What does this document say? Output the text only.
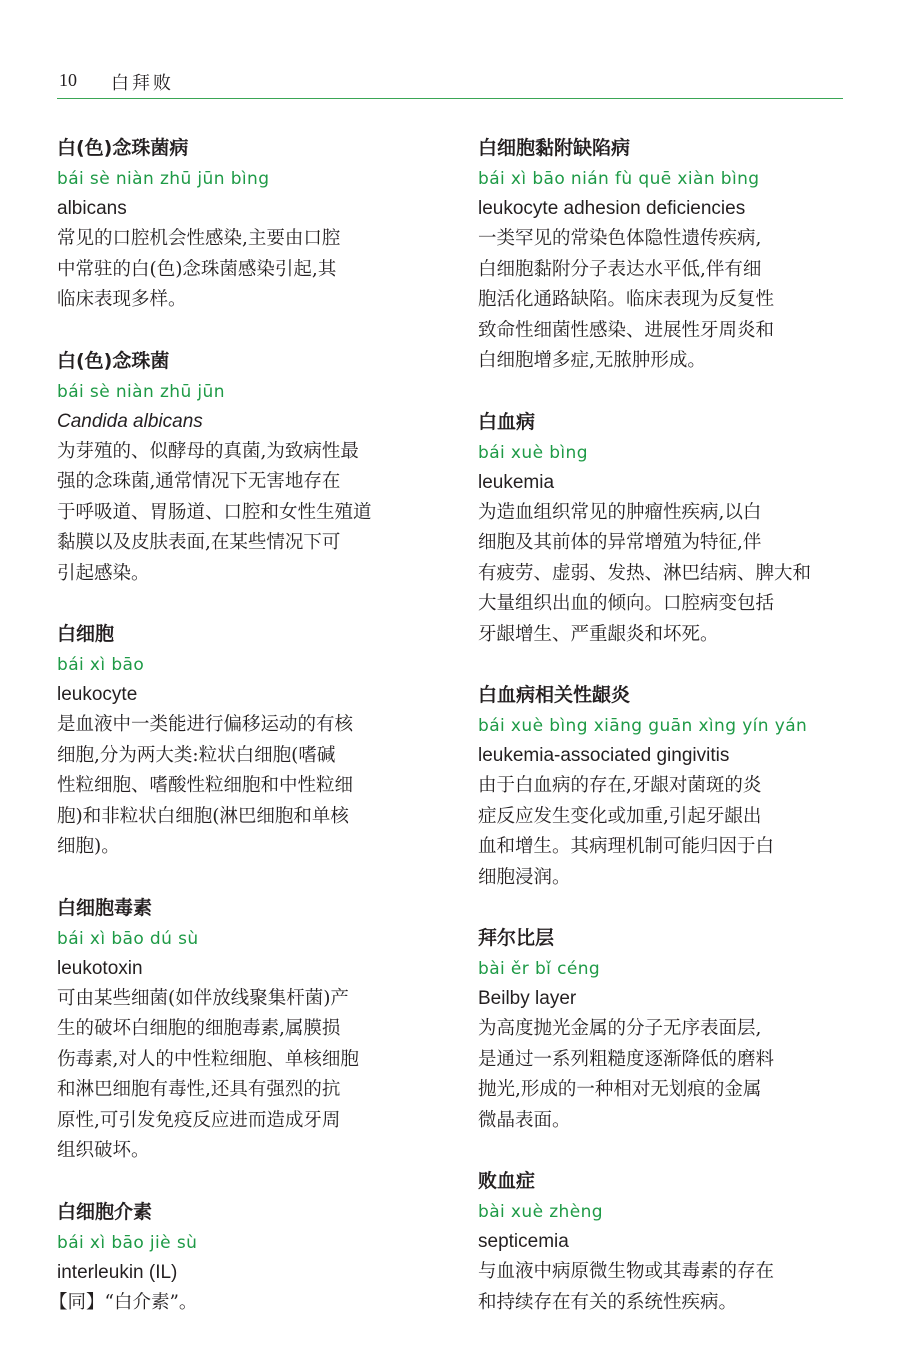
10 白拜败
白(色)念珠菌病
bái sè niàn zhū jūn bìng
albicans
常见的口腔机会性感染,主要由口腔
中常驻的白(色)念珠菌感染引起,其
临床表现多样。
白(色)念珠菌
bái sè niàn zhū jūn
Candida albicans
为芽殖的、似酵母的真菌,为致病性最
强的念珠菌,通常情况下无害地存在
于呼吸道、胃肠道、口腔和女性生殖道
黏膜以及皮肤表面,在某些情况下可
引起感染。
白细胞
bái xì bāo
leukocyte
是血液中一类能进行偏移运动的有核
细胞,分为两大类:粒状白细胞(嗜碱
性粒细胞、嗜酸性粒细胞和中性粒细
胞)和非粒状白细胞(淋巴细胞和单核
细胞)。
白细胞毒素
bái xì bāo dú sù
leukotoxin
可由某些细菌(如伴放线聚集杆菌)产
生的破坏白细胞的细胞毒素,属膜损
伤毒素,对人的中性粒细胞、单核细胞
和淋巴细胞有毒性,还具有强烈的抗
原性,可引发免疫反应进而造成牙周
组织破坏。
白细胞介素
bái xì bāo jiè sù
interleukin (IL)
【同】“白介素”。
白细胞黏附缺陷病
bái xì bāo nián fù quē xiàn bìng
leukocyte adhesion deficiencies
一类罕见的常染色体隐性遗传疾病,
白细胞黏附分子表达水平低,伴有细
胞活化通路缺陷。临床表现为反复性
致命性细菌性感染、进展性牙周炎和
白细胞增多症,无脓肿形成。
白血病
bái xuè bìng
leukemia
为造血组织常见的肿瘤性疾病,以白
细胞及其前体的异常增殖为特征,伴
有疲劳、虚弱、发热、淋巴结病、脾大和
大量组织出血的倾向。口腔病变包括
牙龈增生、严重龈炎和坏死。
白血病相关性龈炎
bái xuè bìng xiāng guān xìng yín yán
leukemia-associated gingivitis
由于白血病的存在,牙龈对菌斑的炎
症反应发生变化或加重,引起牙龈出
血和增生。其病理机制可能归因于白
细胞浸润。
拜尔比层
bài ěr bǐ céng
Beilby layer
为高度抛光金属的分子无序表面层,
是通过一系列粗糙度逐渐降低的磨料
抛光,形成的一种相对无划痕的金属
微晶表面。
败血症
bài xuè zhèng
septicemia
与血液中病原微生物或其毒素的存在
和持续存在有关的系统性疾病。
